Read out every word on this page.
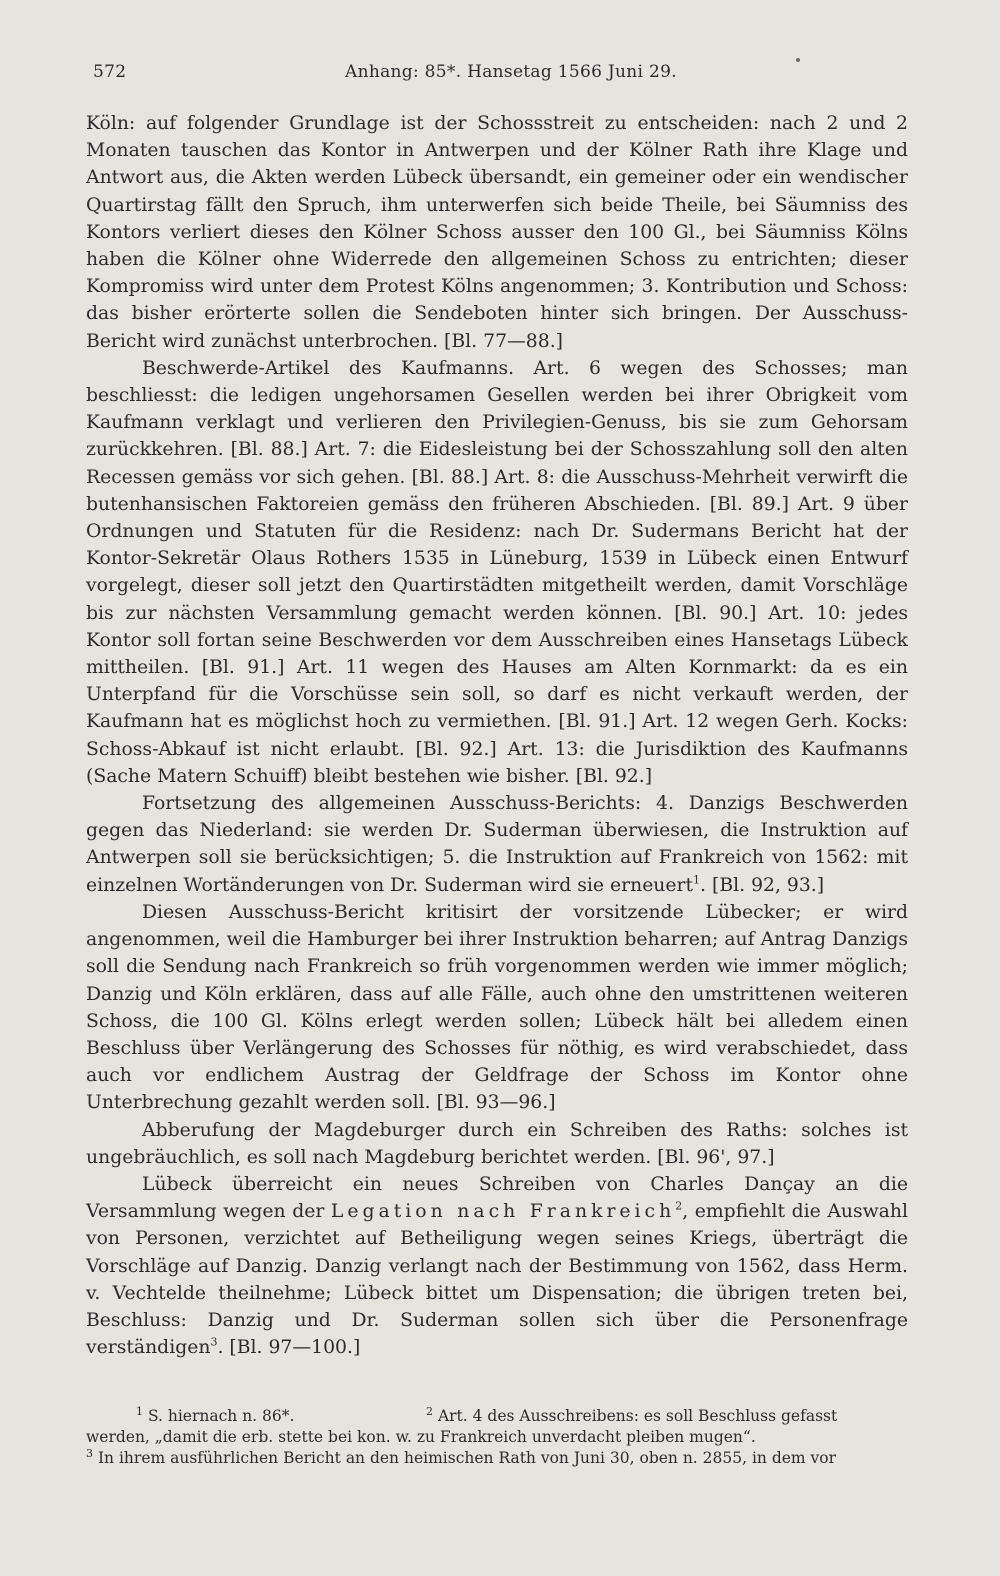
572	Anhang: 85*. Hansetag 1566 Juni 29.

Köln: auf folgender Grundlage ist der Schossstreit zu entscheiden: nach 2 und 2 Monaten tauschen das Kontor in Antwerpen und der Kölner Rath ihre Klage und Antwort aus, die Akten werden Lübeck übersandt, ein gemeiner oder ein wendischer Quartirstag fällt den Spruch, ihm unterwerfen sich beide Theile, bei Säumniss des Kontors verliert dieses den Kölner Schoss ausser den 100 Gl., bei Säumniss Kölns haben die Kölner ohne Widerrede den allgemeinen Schoss zu entrichten; dieser Kompromiss wird unter dem Protest Kölns angenommen; 3. Kontribution und Schoss: das bisher erörterte sollen die Sendeboten hinter sich bringen. Der Ausschuss-Bericht wird zunächst unterbrochen. [Bl. 77—88.]

Beschwerde-Artikel des Kaufmanns. Art. 6 wegen des Schosses; man beschliesst: die ledigen ungehorsamen Gesellen werden bei ihrer Obrigkeit vom Kaufmann verklagt und verlieren den Privilegien-Genuss, bis sie zum Gehorsam zurückkehren. [Bl. 88.] Art. 7: die Eidesleistung bei der Schosszahlung soll den alten Recessen gemäss vor sich gehen. [Bl. 88.] Art. 8: die Ausschuss-Mehrheit verwirft die butenhansischen Faktoreien gemäss den früheren Abschieden. [Bl. 89.] Art. 9 über Ordnungen und Statuten für die Residenz: nach Dr. Sudermans Bericht hat der Kontor-Sekretär Olaus Rothers 1535 in Lüneburg, 1539 in Lübeck einen Entwurf vorgelegt, dieser soll jetzt den Quartirstädten mitgetheilt werden, damit Vorschläge bis zur nächsten Versammlung gemacht werden können. [Bl. 90.] Art. 10: jedes Kontor soll fortan seine Beschwerden vor dem Ausschreiben eines Hansetags Lübeck mittheilen. [Bl. 91.] Art. 11 wegen des Hauses am Alten Kornmarkt: da es ein Unterpfand für die Vorschüsse sein soll, so darf es nicht verkauft werden, der Kaufmann hat es möglichst hoch zu vermiethen. [Bl. 91.] Art. 12 wegen Gerh. Kocks: Schoss-Abkauf ist nicht erlaubt. [Bl. 92.] Art. 13: die Jurisdiktion des Kaufmanns (Sache Matern Schuiff) bleibt bestehen wie bisher. [Bl. 92.]

Fortsetzung des allgemeinen Ausschuss-Berichts: 4. Danzigs Beschwerden gegen das Niederland: sie werden Dr. Suderman überwiesen, die Instruktion auf Antwerpen soll sie berücksichtigen; 5. die Instruktion auf Frankreich von 1562: mit einzelnen Wortänderungen von Dr. Suderman wird sie erneuert$^1$. [Bl. 92, 93.]

Diesen Ausschuss-Bericht kritisirt der vorsitzende Lübecker; er wird angenommen, weil die Hamburger bei ihrer Instruktion beharren; auf Antrag Danzigs soll die Sendung nach Frankreich so früh vorgenommen werden wie immer möglich; Danzig und Köln erklären, dass auf alle Fälle, auch ohne den umstrittenen weiteren Schoss, die 100 Gl. Kölns erlegt werden sollen; Lübeck hält bei alledem einen Beschluss über Verlängerung des Schosses für nöthig, es wird verabschiedet, dass auch vor endlichem Austrag der Geldfrage der Schoss im Kontor ohne Unterbrechung gezahlt werden soll. [Bl. 93—96.]

Abberufung der Magdeburger durch ein Schreiben des Raths: solches ist ungebräuchlich, es soll nach Magdeburg berichtet werden. [Bl. 96', 97.]

Lübeck überreicht ein neues Schreiben von Charles Dançay an die Versammlung wegen der Legation nach Frankreich$^2$, empfiehlt die Auswahl von Personen, verzichtet auf Betheiligung wegen seines Kriegs, überträgt die Vorschläge auf Danzig. Danzig verlangt nach der Bestimmung von 1562, dass Herm. v. Vechtelde theilnehme; Lübeck bittet um Dispensation; die übrigen treten bei, Beschluss: Danzig und Dr. Suderman sollen sich über die Personenfrage verständigen$^3$. [Bl. 97—100.]

$^1$ S. hiernach n. 86*.	$^2$ Art. 4 des Ausschreibens: es soll Beschluss gefasst
werden, „damit die erb. stette bei kon. w. zu Frankreich unverdacht pleiben mugen“.
$^3$ In ihrem ausführlichen Bericht an den heimischen Rath von Juni 30, oben n. 2855, in dem vor
